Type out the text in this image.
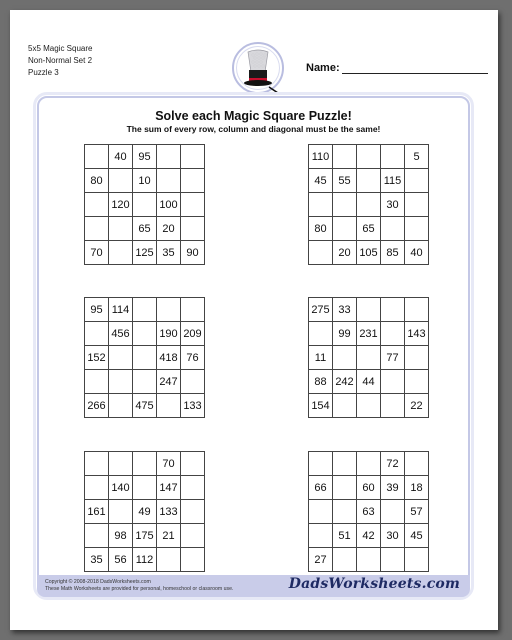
5x5 Magic Square
Non-Normal Set 2
Puzzle 3	Name:
Solve each Magic Square Puzzle!
The sum of every row, column and diagonal must be the same!
	40	95		
80		10		
	120		100	
		65	20	
70		125	35	90
110				5
45	55		115	
			30	
80		65		
	20	105	85	40
95	114			
	456		190	209
152			418	76
			247	
266		475		133
275	33			
	99	231		143
11			77	
88	242	44		
154				22
			70	
	140		147	
161		49	133	
	98	175	21	
35	56	112		
			72	
66		60	39	18
		63		57
	51	42	30	45
27				
Copyright © 2008-2018 DadsWorksheets.com
These Math Worksheets are provided for personal, homeschool or classroom use.	DadsWorksheets.com
